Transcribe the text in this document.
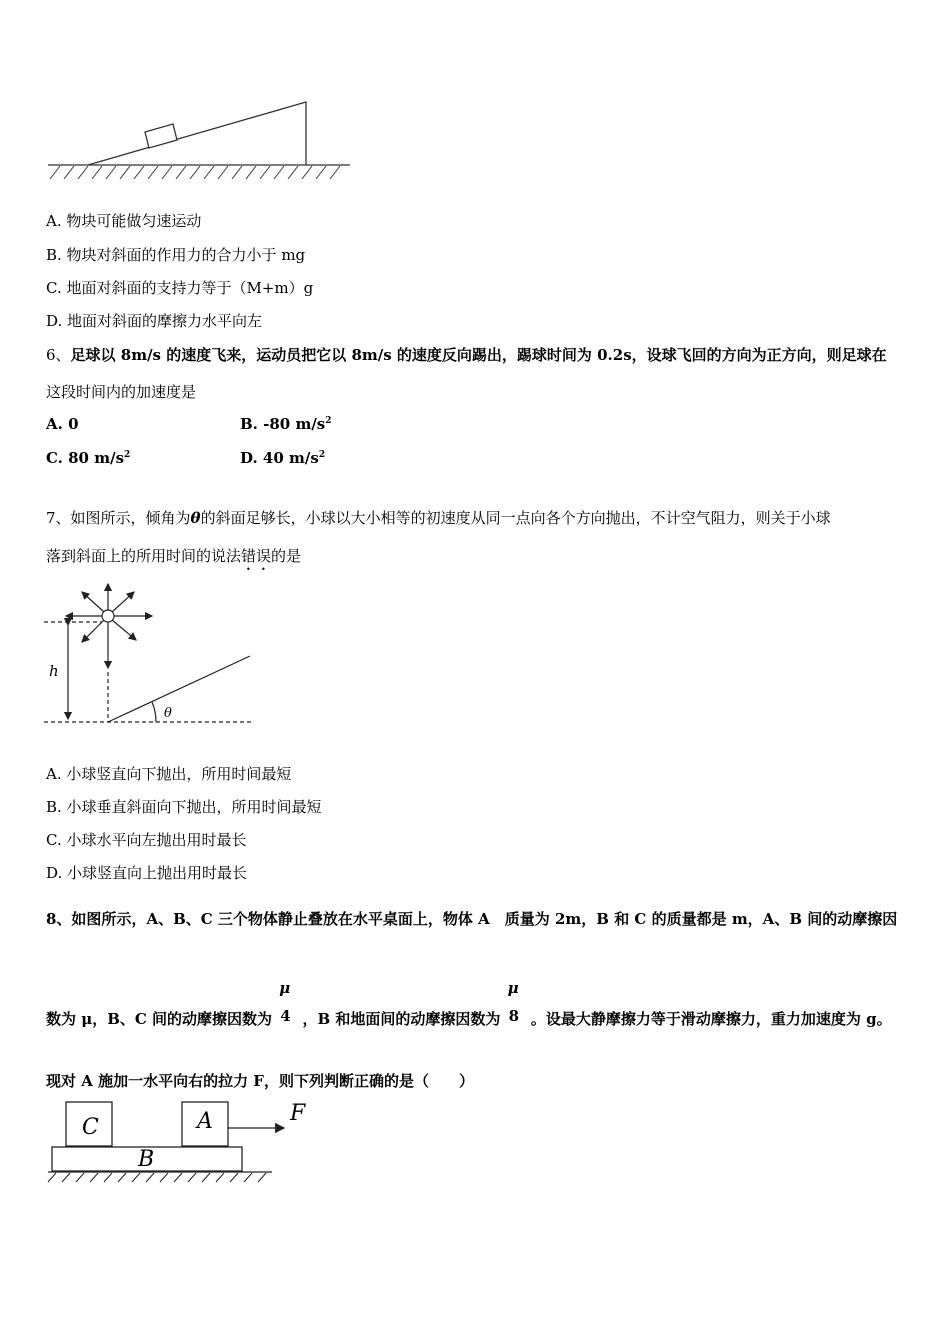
A. 物块可能做匀速运动
B. 物块对斜面的作用力的合力小于 mg
C. 地面对斜面的支持力等于（M+m）g
D. 地面对斜面的摩擦力水平向左
6、足球以 8m/s 的速度飞来，运动员把它以 8m/s 的速度反向踢出，踢球时间为 0.2s，设球飞回的方向为正方向，则足球在
这段时间内的加速度是
A. 0	B. -80 $m/s^2$
C. 80 $m/s^2$	D. 40 $m/s^2$
7、如图所示，倾角为θ的斜面足够长，小球以大小相等的初速度从同一点向各个方向抛出，不计空气阻力，则关于小球
落到斜面上的所用时间的说法错误的是
h
θ
A. 小球竖直向下抛出，所用时间最短
B. 小球垂直斜面向下抛出，所用时间最短
C. 小球水平向左抛出用时最长
D. 小球竖直向上抛出用时最长
8、如图所示，A、B、C 三个物体静止叠放在水平桌面上，物体 A　质量为 2m，B 和 C 的质量都是 m，A、B 间的动摩擦因
数为 μ，B、C 间的动摩擦因数为
μ
4 ，B 和地面间的动摩擦因数为
μ
8 。设最大静摩擦力等于滑动摩擦力，重力加速度为 g。
现对 A 施加一水平向右的拉力 F，则下列判断正确的是（　　）
C	A
B
F
